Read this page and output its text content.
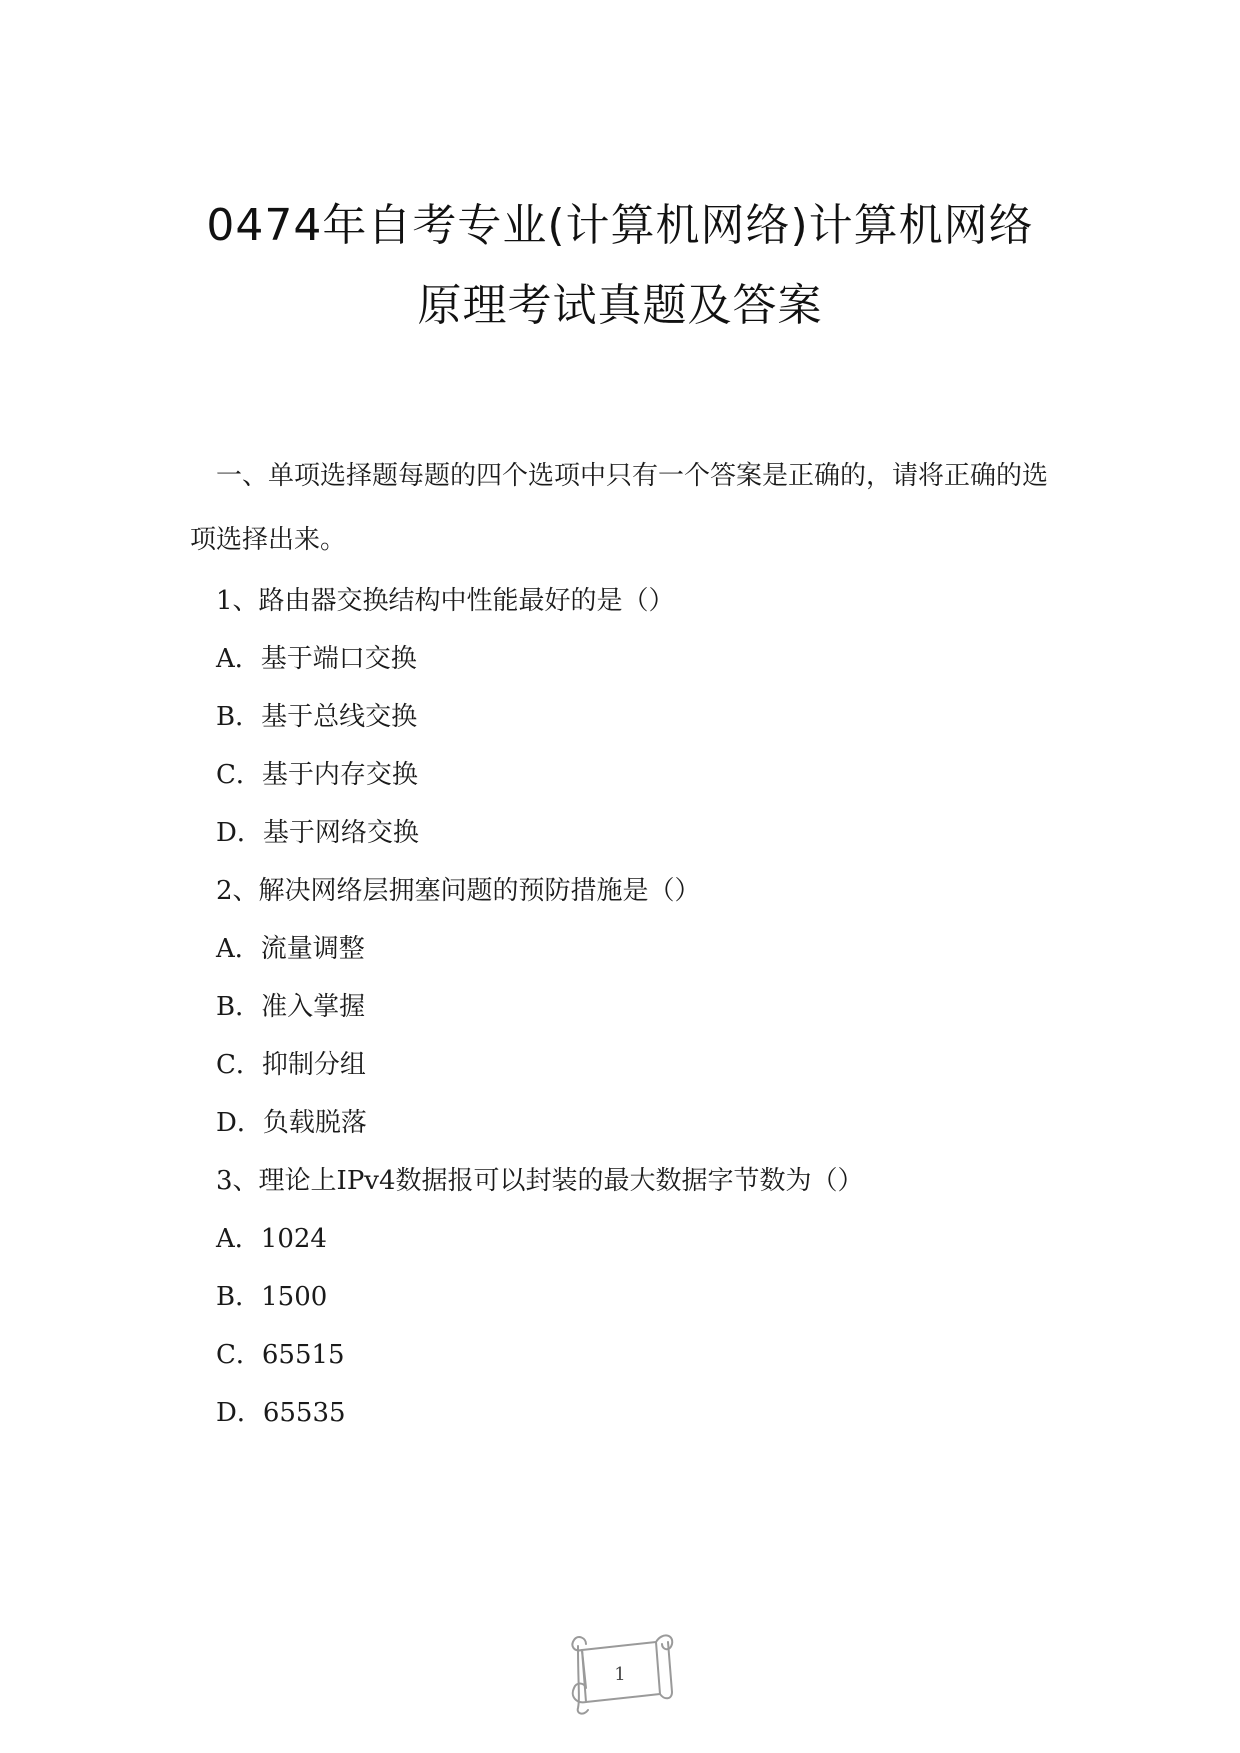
0474年自考专业(计算机网络)计算机网络
原理考试真题及答案

一、单项选择题每题的四个选项中只有一个答案是正确的，请将正确的选项选择出来。

1、路由器交换结构中性能最好的是（）

A．基于端口交换

B．基于总线交换

C．基于内存交换

D．基于网络交换

2、解决网络层拥塞问题的预防措施是（）

A．流量调整

B．准入掌握

C．抑制分组

D．负载脱落

3、理论上IPv4数据报可以封装的最大数据字节数为（）

A．1024

B．1500

C．65515

D．65535

1
